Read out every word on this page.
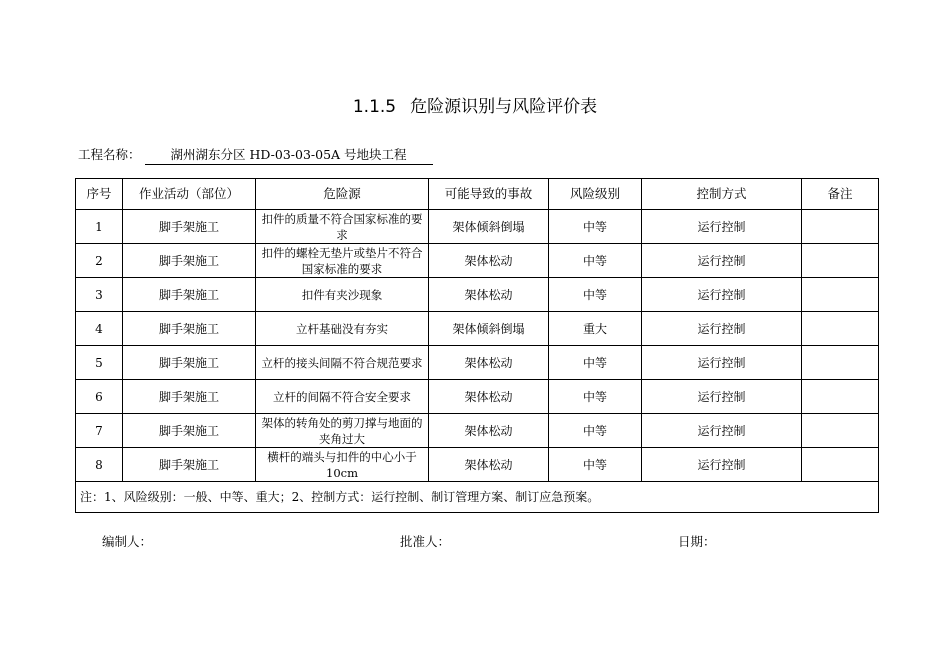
1.1.5 危险源识别与风险评价表
工程名称： 湖州湖东分区 HD-03-03-05A 号地块工程
序号	作业活动（部位）	危险源	可能导致的事故	风险级别	控制方式	备注
1	脚手架施工	扣件的质量不符合国家标准的要求	架体倾斜倒塌	中等	运行控制	
2	脚手架施工	扣件的螺栓无垫片或垫片不符合国家标准的要求	架体松动	中等	运行控制	
3	脚手架施工	扣件有夹沙现象	架体松动	中等	运行控制	
4	脚手架施工	立杆基础没有夯实	架体倾斜倒塌	重大	运行控制	
5	脚手架施工	立杆的接头间隔不符合规范要求	架体松动	中等	运行控制	
6	脚手架施工	立杆的间隔不符合安全要求	架体松动	中等	运行控制	
7	脚手架施工	架体的转角处的剪刀撑与地面的夹角过大	架体松动	中等	运行控制	
8	脚手架施工	横杆的端头与扣件的中心小于 10cm	架体松动	中等	运行控制	
注：1、风险级别：一般、中等、重大；2、控制方式：运行控制、制订管理方案、制订应急预案。						
编制人：	批准人：	日期：
